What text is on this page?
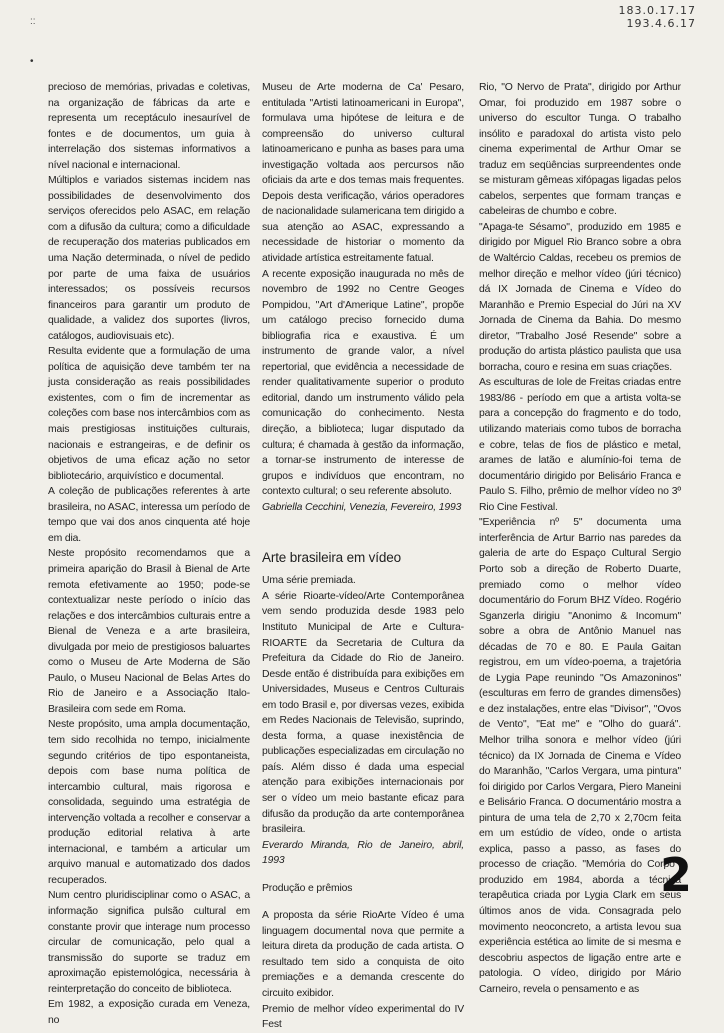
::
•
183.0.17.17
193.4.6.17

precioso de memórias, privadas e coletivas, na organização de fábricas da arte e representa um receptáculo inesaurível de fontes e de documentos, um guia à interrelação dos sistemas informativos a nível nacional e internacional.

Múltiplos e variados sistemas incidem nas possibilidades de desenvolvimento dos serviços oferecidos pelo ASAC, em relação com a difusão da cultura; como a dificuldade de recuperação dos materias publicados em uma Nação determinada, o nível de pedido por parte de uma faixa de usuários interessados; os possíveis recursos financeiros para garantir um produto de qualidade, a validez dos suportes (livros, catálogos, audiovisuais etc).

Resulta evidente que a formulação de uma política de aquisição deve também ter na justa consideração as reais possibilidades existentes, com o fim de incrementar as coleções com base nos intercâmbios com as mais prestigiosas instituições culturais, nacionais e estrangeiras, e de definir os objetivos de uma eficaz ação no setor bibliotecário, arquivístico e documental.

A coleção de publicações referentes à arte brasileira, no ASAC, interessa um período de tempo que vai dos anos cinquenta até hoje em dia.

Neste propósito recomendamos que a primeira aparição do Brasil à Bienal de Arte remota efetivamente ao 1950; pode-se contextualizar neste período o início das relações e dos intercâmbios culturais entre a Bienal de Veneza e a arte brasileira, divulgada por meio de prestigiosos baluartes como o Museu de Arte Moderna de São Paulo, o Museu Nacional de Belas Artes do Rio de Janeiro e a Associação Italo-Brasileira com sede em Roma.

Neste propósito, uma ampla documentação, tem sido recolhida no tempo, inicialmente segundo critérios de tipo espontaneista, depois com base numa política de intercambio cultural, mais rigorosa e consolidada, seguindo uma estratégia de intervenção voltada a recolher e conservar a produção editorial relativa à arte internacional, e também a articular um arquivo manual e automatizado dos dados recuperados.

Num centro pluridisciplinar como o ASAC, a informação significa pulsão cultural em constante provir que interage num processo circular de comunicação, pelo qual a transmissão do suporte se traduz em aproximação epistemológica, necessária à reinterpretação do conceito de biblioteca.

Em 1982, a exposição curada em Veneza, no

Museu de Arte moderna de Ca' Pesaro, entitulada "Artisti latinoamericani in Europa", formulava uma hipótese de leitura e de compreensão do universo cultural latinoamericano e punha as bases para uma investigação voltada aos percursos não oficiais da arte e dos temas mais frequentes. Depois desta verificação, vários operadores de nacionalidade sulamericana tem dirigido a sua atenção ao ASAC, expressando a necessidade de historiar o momento da atividade artística estreitamente fatual.

A recente exposição inaugurada no mês de novembro de 1992 no Centre Geoges Pompidou, "Art d'Amerique Latine", propõe um catálogo preciso fornecido duma bibliografia rica e exaustiva. É um instrumento de grande valor, a nível repertorial, que evidência a necessidade de render qualitativamente superior o produto editorial, dando um instrumento válido pela comunicação do conhecimento. Nesta direção, a biblioteca; lugar disputado da cultura; é chamada à gestão da informação, a tornar-se instrumento de interesse de grupos e indivíduos que encontram, no contexto cultural; o seu referente absoluto.

Gabriella Cecchini, Venezia, Fevereiro, 1993

Arte brasileira em vídeo

Uma série premiada.

A série Rioarte-vídeo/Arte Contemporânea vem sendo produzida desde 1983 pelo Instituto Municipal de Arte e Cultura-RIOARTE da Secretaria de Cultura da Prefeitura da Cidade do Rio de Janeiro. Desde então é distribuída para exibições em Universidades, Museus e Centros Culturais em todo Brasil e, por diversas vezes, exibida em Redes Nacionais de Televisão, suprindo, desta forma, a quase inexistência de publicações especializadas em circulação no país. Além disso é dada uma especial atenção para exibições internacionais por ser o vídeo um meio bastante eficaz para difusão da produção da arte contemporânea brasileira.

Everardo Miranda, Rio de Janeiro, abril, 1993

Produção e prêmios

A proposta da série RioArte Vídeo é uma linguagem documental nova que permite a leitura direta da produção de cada artista. O resultado tem sido a conquista de oito premiações e a demanda crescente do circuito exibidor.

Premio de melhor vídeo experimental do IV Fest

Rio, "O Nervo de Prata", dirigido por Arthur Omar, foi produzido em 1987 sobre o universo do escultor Tunga. O trabalho insólito e paradoxal do artista visto pelo cinema experimental de Arthur Omar se traduz em seqüências surpreendentes onde se misturam gêmeas xifópagas ligadas pelos cabelos, serpentes que formam tranças e cabeleiras de chumbo e cobre.

"Apaga-te Sésamo", produzido em 1985 e dirigido por Miguel Rio Branco sobre a obra de Waltércio Caldas, recebeu os premios de melhor direção e melhor vídeo (júri técnico) dá IX Jornada de Cinema e Vídeo do Maranhão e Premio Especial do Júri na XV Jornada de Cinema da Bahia. Do mesmo diretor, "Trabalho José Resende" sobre a produção do artista plástico paulista que usa borracha, couro e resina em suas criações.

As esculturas de Iole de Freitas criadas entre 1983/86 - período em que a artista volta-se para a concepção do fragmento e do todo, utilizando materiais como tubos de borracha e cobre, telas de fios de plástico e metal, arames de latão e alumínio-foi tema de documentário dirigido por Belisário Franca e Paulo S. Filho, prêmio de melhor vídeo no 3º Rio Cine Festival.

"Experiência nº 5" documenta uma interferência de Artur Barrio nas paredes da galeria de arte do Espaço Cultural Sergio Porto sob a direção de Roberto Duarte, premiado como o melhor vídeo documentário do Forum BHZ Vídeo. Rogério Sganzerla dirigiu "Anonimo & Incomum" sobre a obra de Antônio Manuel nas décadas de 70 e 80. E Paula Gaitan registrou, em um vídeo-poema, a trajetória de Lygia Pape reunindo "Os Amazoninos" (esculturas em ferro de grandes dimensões) e dez instalações, entre elas "Divisor", "Ovos de Vento", "Eat me" e "Olho do guará". Melhor trilha sonora e melhor vídeo (júri técnico) da IX Jornada de Cinema e Vídeo do Maranhão, "Carlos Vergara, uma pintura" foi dirigido por Carlos Vergara, Piero Maneini e Belisário Franca. O documentário mostra a pintura de uma tela de 2,70 x 2,70cm feita em um estúdio de vídeo, onde o artista explica, passo a passo, as fases do processo de criação. "Memória do Corpo", produzido em 1984, aborda a técnica terapêutica criada por Lygia Clark em seus últimos anos de vida. Consagrada pelo movimento neoconcreto, a artista levou sua experiência estética ao limite de si mesma e descobriu aspectos de ligação entre arte e patologia. O vídeo, dirigido por Mário Carneiro, revela o pensamento e as

2
